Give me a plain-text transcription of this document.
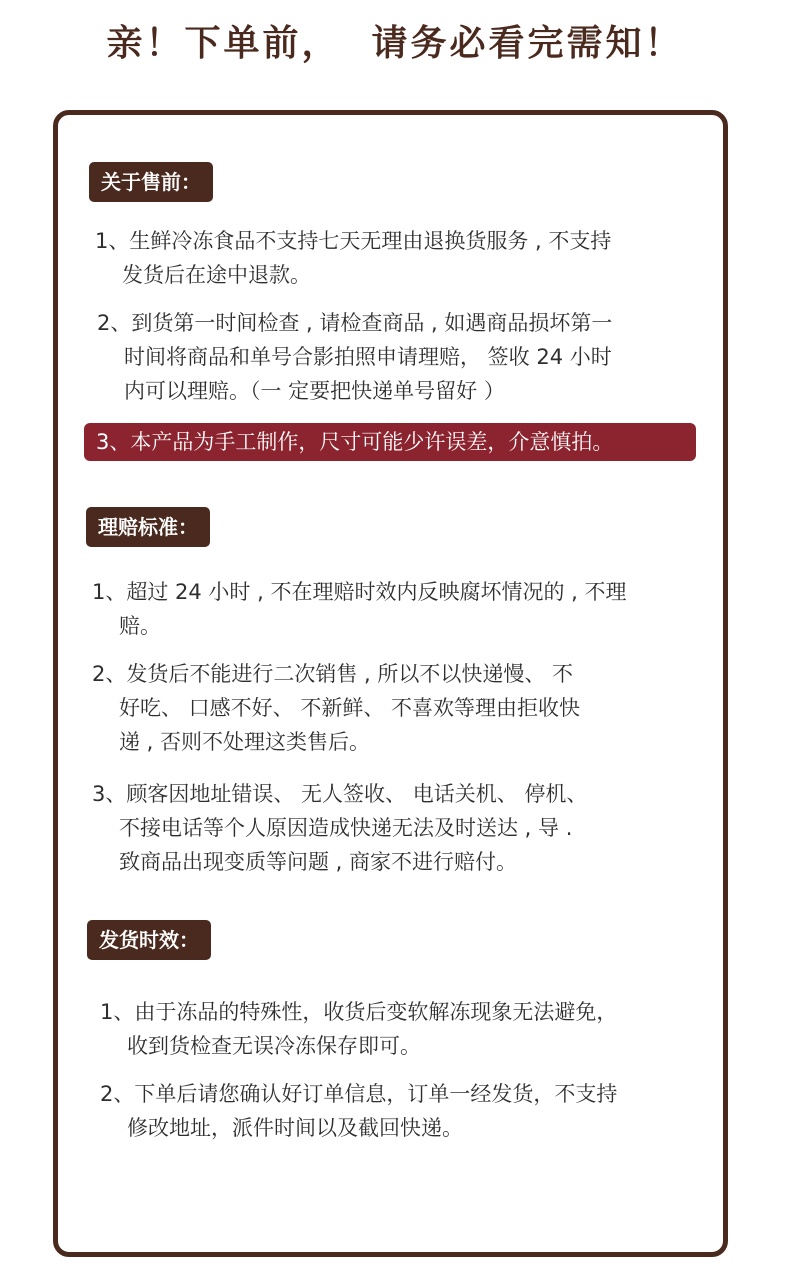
亲！下单前，  请务必看完需知！
关于售前：
1、生鲜冷冻食品不支持七天无理由退换货服务 , 不支持
发货后在途中退款。
2、到货第一时间检查 , 请检查商品 , 如遇商品损坏第一
时间将商品和单号合影拍照申请理赔， 签收 24 小时
内可以理赔。（一 定要把快递单号留好 ）
3、本产品为手工制作，尺寸可能少许误差，介意慎拍。
理赔标准：
1、超过 24 小时 , 不在理赔时效内反映腐坏情况的 , 不理
赔。
2、发货后不能进行二次销售 , 所以不以快递慢、 不
好吃、 口感不好、 不新鲜、 不喜欢等理由拒收快
递 , 否则不处理这类售后。
3、顾客因地址错误、 无人签收、 电话关机、 停机、
不接电话等个人原因造成快递无法及时送达 , 导 .
致商品出现变质等问题 , 商家不进行赔付。
发货时效：
1、由于冻品的特殊性，收货后变软解冻现象无法避免，
收到货检查无误冷冻保存即可。
2、下单后请您确认好订单信息，订单一经发货，不支持
修改地址，派件时间以及截回快递。
